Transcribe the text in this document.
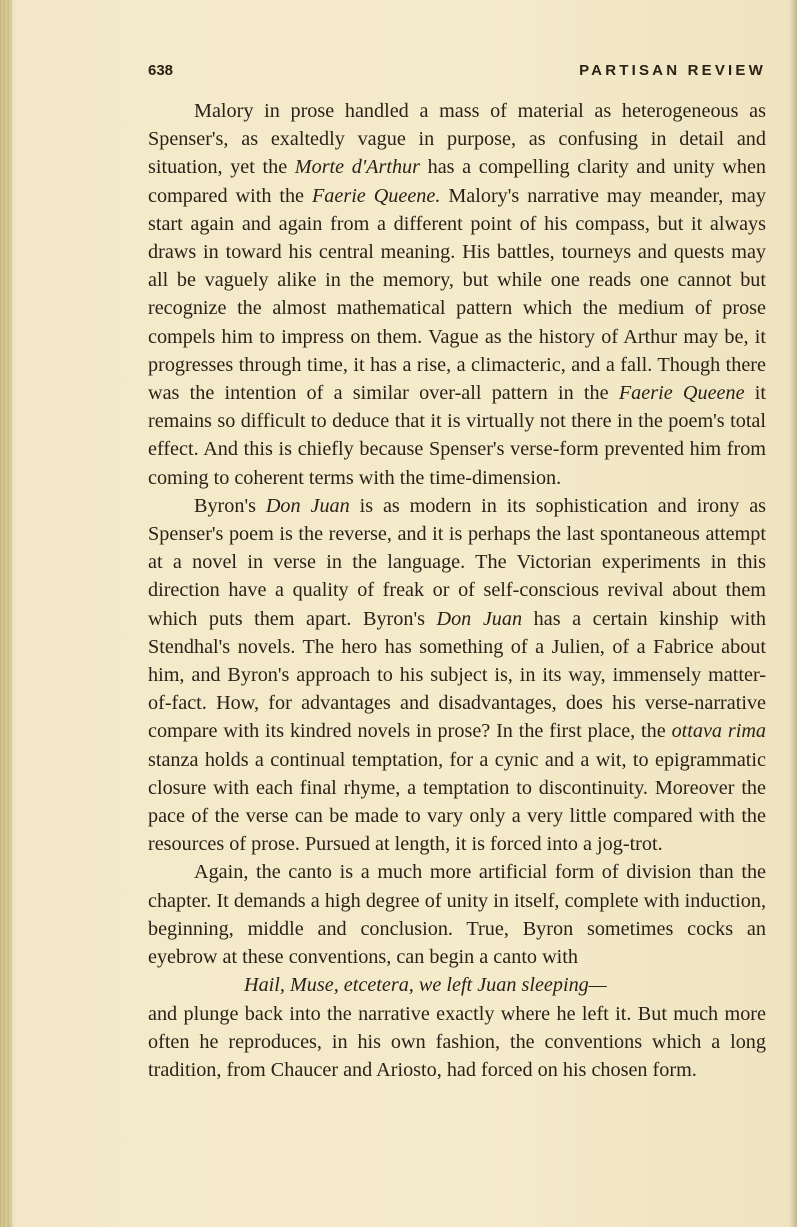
638	PARTISAN REVIEW

Malory in prose handled a mass of material as heterogeneous as Spenser's, as exaltedly vague in purpose, as confusing in detail and situation, yet the Morte d'Arthur has a compelling clarity and unity when compared with the Faerie Queene. Malory's narrative may meander, may start again and again from a different point of his compass, but it always draws in toward his central meaning. His battles, tourneys and quests may all be vaguely alike in the memory, but while one reads one cannot but recognize the almost mathematical pattern which the medium of prose compels him to impress on them. Vague as the history of Arthur may be, it progresses through time, it has a rise, a climacteric, and a fall. Though there was the intention of a similar over-all pattern in the Faerie Queene it remains so difficult to deduce that it is virtually not there in the poem's total effect. And this is chiefly because Spenser's verse-form prevented him from coming to coherent terms with the time-dimension.

Byron's Don Juan is as modern in its sophistication and irony as Spenser's poem is the reverse, and it is perhaps the last spontaneous attempt at a novel in verse in the language. The Victorian experiments in this direction have a quality of freak or of self-conscious revival about them which puts them apart. Byron's Don Juan has a certain kinship with Stendhal's novels. The hero has something of a Julien, of a Fabrice about him, and Byron's approach to his subject is, in its way, immensely matter-of-fact. How, for advantages and disadvantages, does his verse-narrative compare with its kindred novels in prose? In the first place, the ottava rima stanza holds a continual temptation, for a cynic and a wit, to epigrammatic closure with each final rhyme, a temptation to discontinuity. Moreover the pace of the verse can be made to vary only a very little compared with the resources of prose. Pursued at length, it is forced into a jog-trot.

Again, the canto is a much more artificial form of division than the chapter. It demands a high degree of unity in itself, complete with induction, beginning, middle and conclusion. True, Byron sometimes cocks an eyebrow at these conventions, can begin a canto with

Hail, Muse, etcetera, we left Juan sleeping—

and plunge back into the narrative exactly where he left it. But much more often he reproduces, in his own fashion, the conventions which a long tradition, from Chaucer and Ariosto, had forced on his chosen form.
